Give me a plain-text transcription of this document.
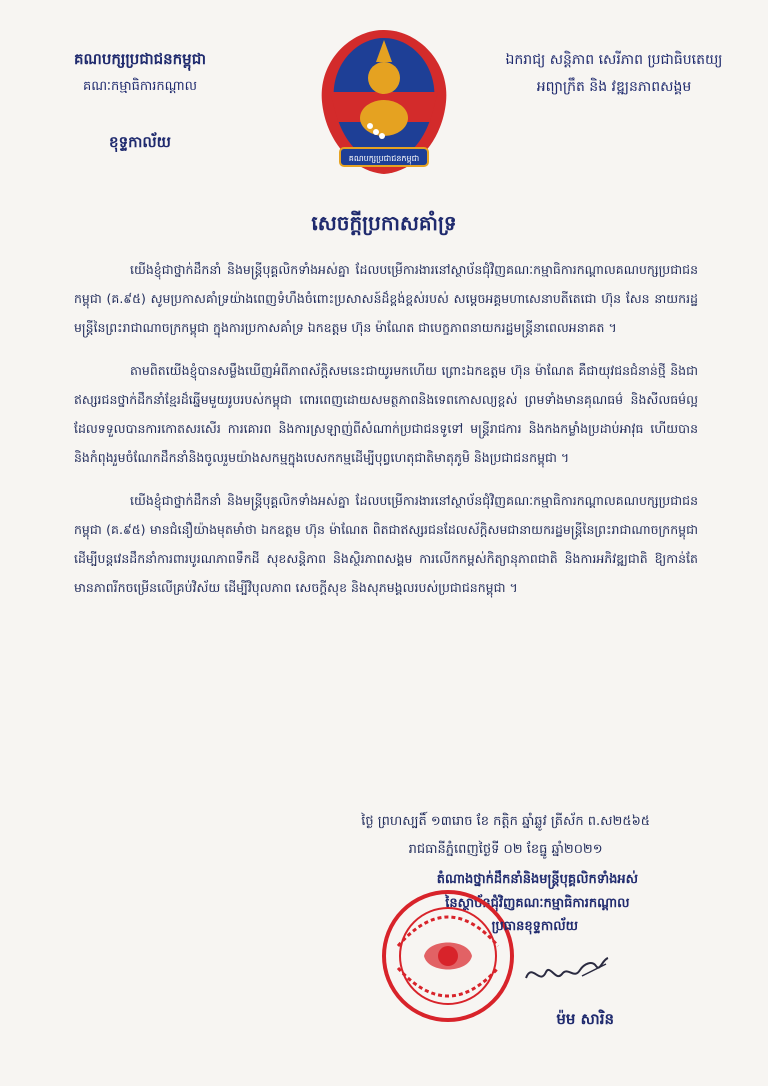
គណបក្សប្រជាជនកម្ពុជា
គណៈកម្មាធិការកណ្ដាល
ខុទ្ទកាល័យ
គណបក្សប្រជាជនកម្ពុជា
ឯករាជ្យ សន្តិភាព សេរីភាព ប្រជាធិបតេយ្យ
អព្យាក្រឹត និង វឌ្ឍនភាពសង្គម
សេចក្ដីប្រកាសគាំទ្រ

យើងខ្ញុំជាថ្នាក់ដឹកនាំ និងមន្ត្រីបុគ្គលិកទាំងអស់គ្នា ដែលបម្រើការងារនៅស្ថាប័នជុំវិញគណៈកម្មាធិការកណ្ដាលគណបក្សប្រជាជនកម្ពុជា (គ.៩៥) សូមប្រកាសគាំទ្រយ៉ាងពេញទំហឹងចំពោះប្រសាសន៍ដ៏ខ្ពង់ខ្ពស់របស់ សម្ដេចអគ្គមហាសេនាបតីតេជោ ហ៊ុន សែន នាយករដ្ឋមន្ត្រីនៃព្រះរាជាណាចក្រកម្ពុជា ក្នុងការប្រកាសគាំទ្រ ឯកឧត្ដម ហ៊ុន ម៉ាណែត ជាបេក្ខភាពនាយករដ្ឋមន្ត្រីនាពេលអនាគត ។

តាមពិតយើងខ្ញុំបានសម្លឹងឃើញអំពីភាពស័ក្ដិសមនេះជាយូរមកហើយ ព្រោះឯកឧត្ដម ហ៊ុន ម៉ាណែត គឺជាយុវជនជំនាន់ថ្មី និងជាឥស្សរជនថ្នាក់ដឹកនាំខ្មែរដ៏ឆ្នើមមួយរូបរបស់កម្ពុជា ពោរពេញដោយសមត្ថភាពនិងទេពកោសល្យខ្ពស់ ព្រមទាំងមានគុណធម៌ និងសីលធម៌ល្អ ដែលទទួលបានការកោតសរសើរ ការគោរព និងការស្រឡាញ់ពីសំណាក់ប្រជាជនទូទៅ មន្ត្រីរាជការ និងកងកម្លាំងប្រដាប់អាវុធ ហើយបាននិងកំពុងរួមចំណែកដឹកនាំនិងចូលរួមយ៉ាងសកម្មក្នុងបេសកកម្មដើម្បីបុព្វហេតុជាតិមាតុភូមិ និងប្រជាជនកម្ពុជា ។

យើងខ្ញុំជាថ្នាក់ដឹកនាំ និងមន្ត្រីបុគ្គលិកទាំងអស់គ្នា ដែលបម្រើការងារនៅស្ថាប័នជុំវិញគណៈកម្មាធិការកណ្ដាលគណបក្សប្រជាជនកម្ពុជា (គ.៩៥) មានជំនឿយ៉ាងមុតមាំថា ឯកឧត្ដម ហ៊ុន ម៉ាណែត ពិតជាឥស្សរជនដែលស័ក្ដិសមជានាយករដ្ឋមន្ត្រីនៃព្រះរាជាណាចក្រកម្ពុជាដើម្បីបន្តវេនដឹកនាំការពារបូរណភាពទឹកដី សុខសន្តិភាព និងស្ថិរភាពសង្គម ការលើកកម្ពស់កិត្យានុភាពជាតិ និងការអភិវឌ្ឍជាតិ ឱ្យកាន់តែមានភាពរីកចម្រើនលើគ្រប់វិស័យ ដើម្បីវិបុលភាព សេចក្ដីសុខ និងសុភមង្គលរបស់ប្រជាជនកម្ពុជា ។

ថ្ងៃ ព្រហស្បតិ៍ ១៣រោច ខែ កត្ដិក ឆ្នាំឆ្លូវ ត្រីស័ក ព.ស២៥៦៥
រាជធានីភ្នំពេញថ្ងៃទី ០២ ខែធ្នូ ឆ្នាំ២០២១
តំណាងថ្នាក់ដឹកនាំនិងមន្ត្រីបុគ្គលិកទាំងអស់
នៃស្ថាប័នជុំវិញគណៈកម្មាធិការកណ្ដាល
ប្រធានខុទ្ទកាល័យ
ម៉ម សារិន
